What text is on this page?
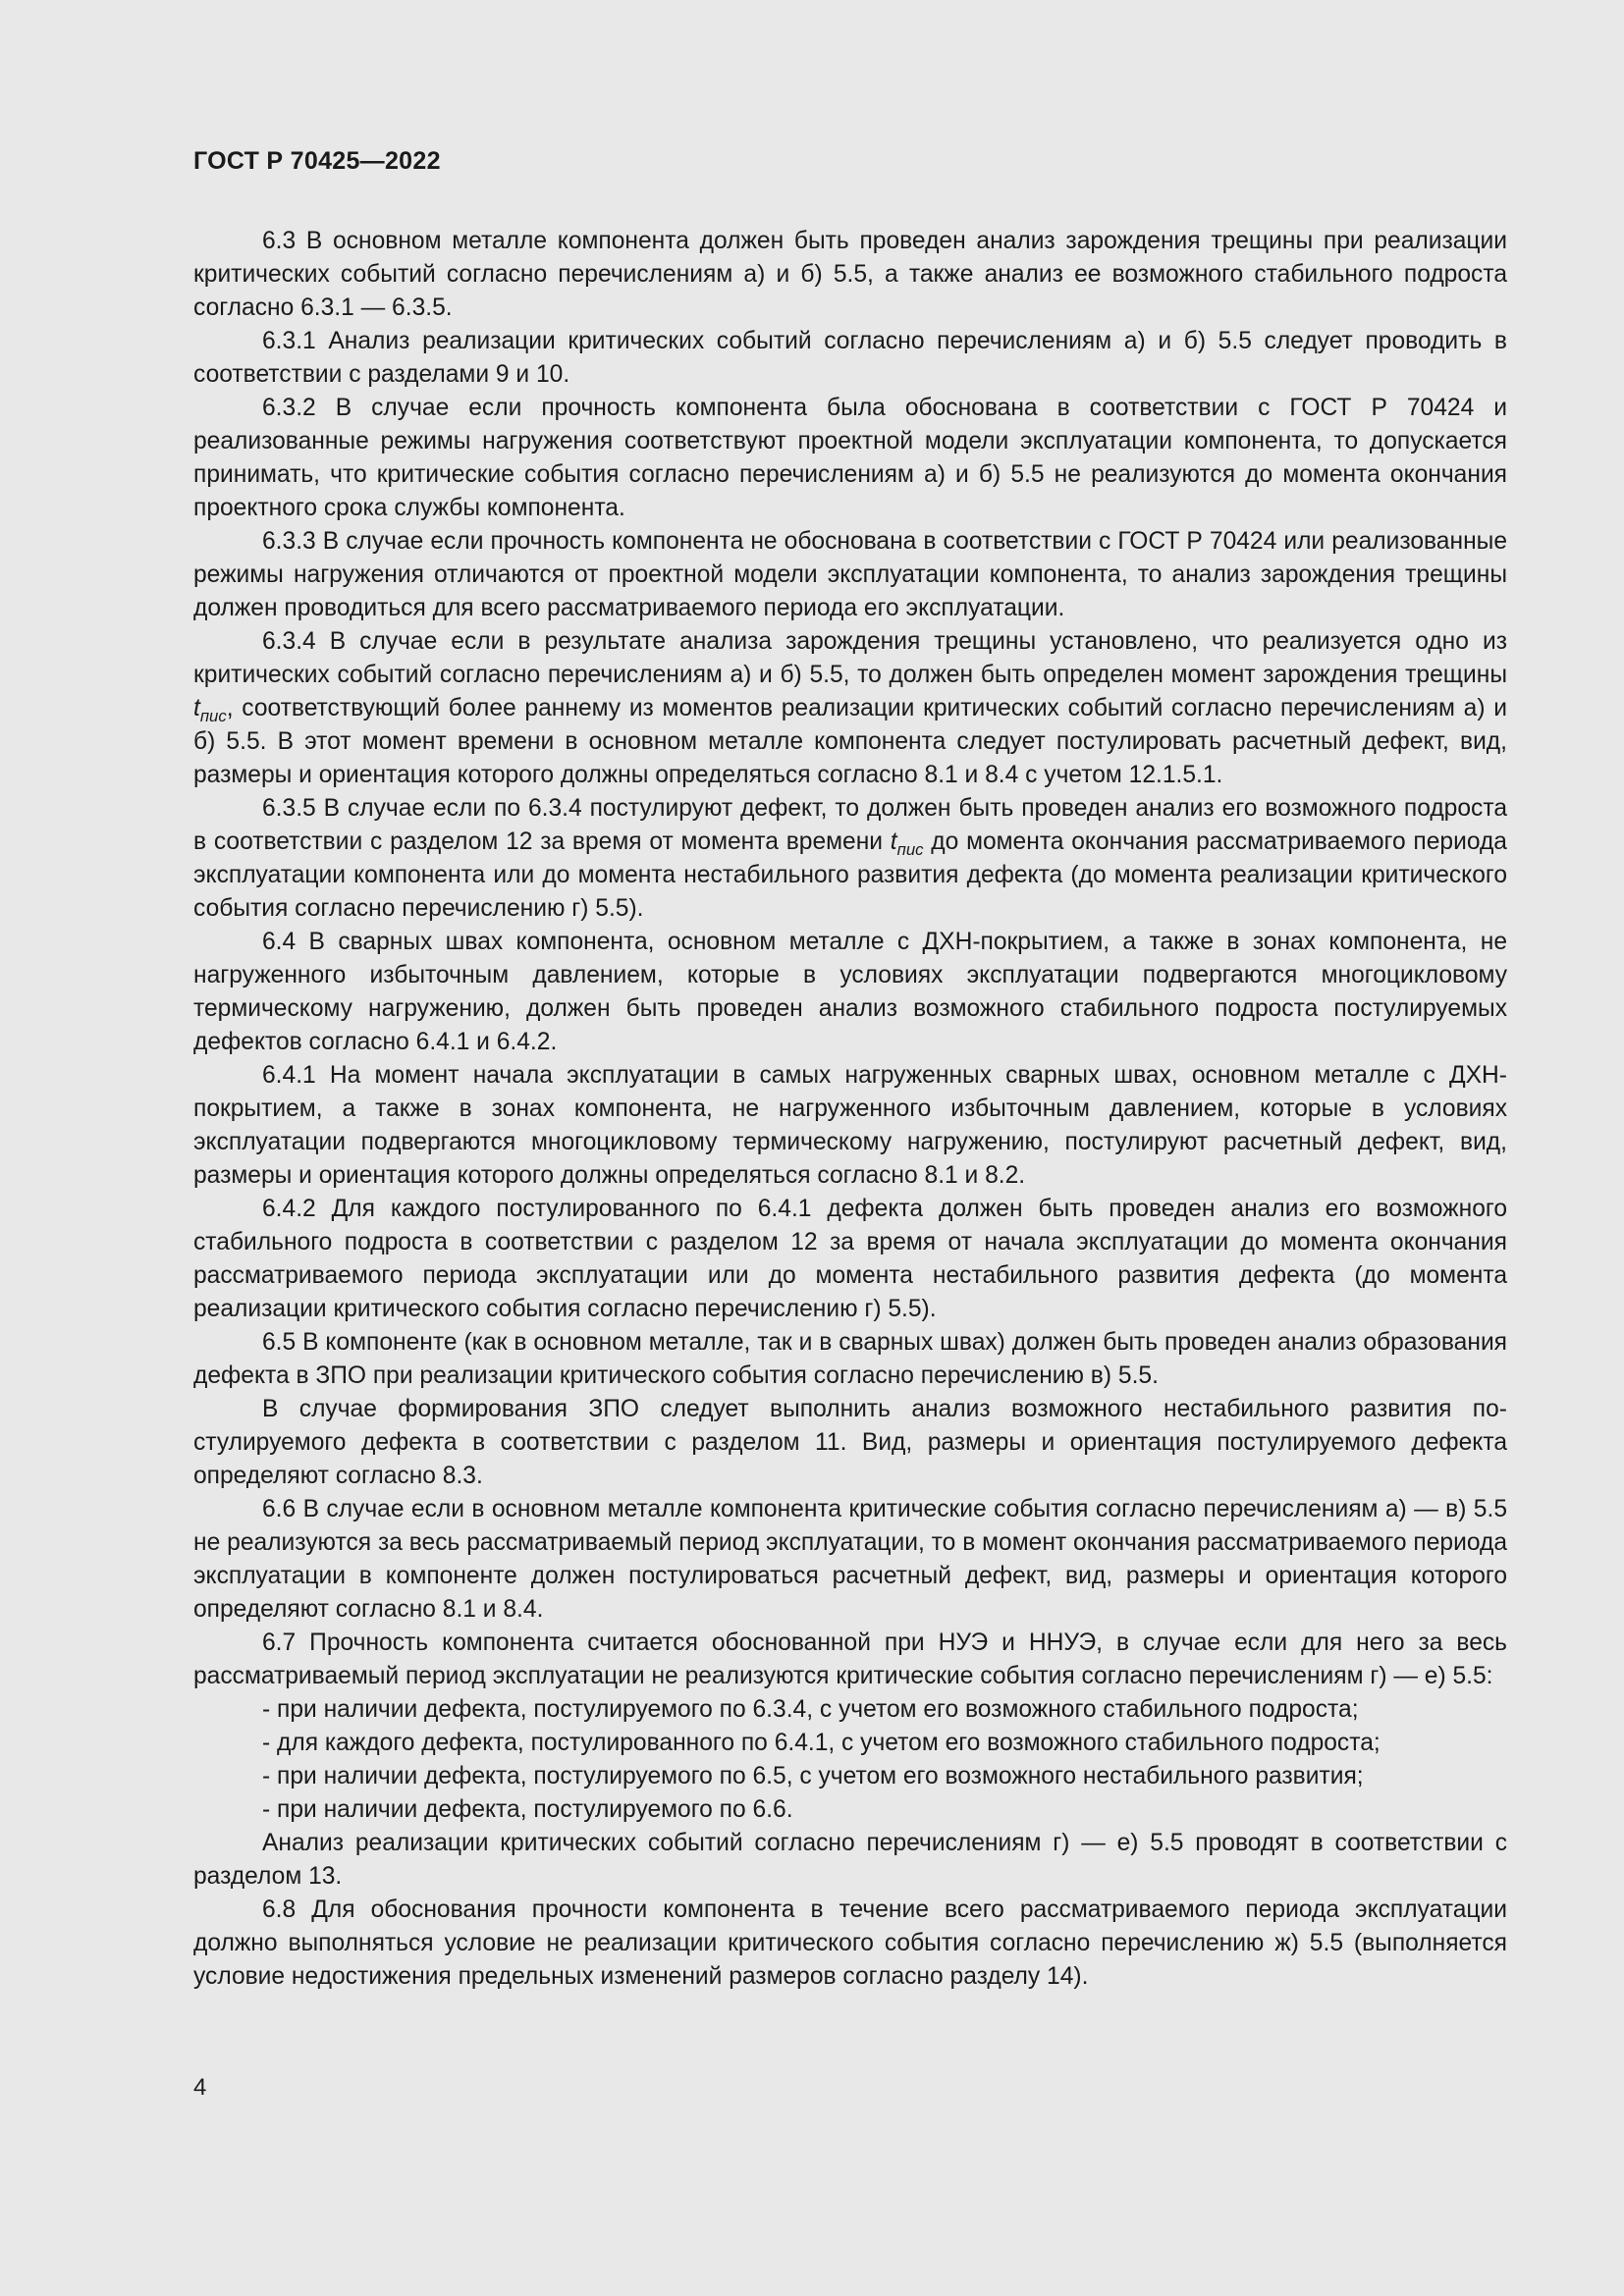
ГОСТ Р 70425—2022

6.3 В основном металле компонента должен быть проведен анализ зарождения трещины при реализации критических событий согласно перечислениям а) и б) 5.5, а также анализ ее возможного стабильного подроста согласно 6.3.1 — 6.3.5.

6.3.1 Анализ реализации критических событий согласно перечислениям а) и б) 5.5 следует проводить в соответствии с разделами 9 и 10.

6.3.2 В случае если прочность компонента была обоснована в соответствии с ГОСТ Р 70424 и реализованные режимы нагружения соответствуют проектной модели эксплуатации компонента, то допускается принимать, что критические события согласно перечислениям а) и б) 5.5 не реализуются до момента окончания проектного срока службы компонента.

6.3.3 В случае если прочность компонента не обоснована в соответствии с ГОСТ Р 70424 или реализованные режимы нагружения отличаются от проектной модели эксплуатации компонента, то анализ зарождения трещины должен проводиться для всего рассматриваемого периода его эксплуатации.

6.3.4 В случае если в результате анализа зарождения трещины установлено, что реализуется одно из критических событий согласно перечислениям а) и б) 5.5, то должен быть определен момент зарождения трещины $t_{пис}$, соответствующий более раннему из моментов реализации критических событий согласно перечислениям а) и б) 5.5. В этот момент времени в основном металле компонента следует постулировать расчетный дефект, вид, размеры и ориентация которого должны определяться согласно 8.1 и 8.4 с учетом 12.1.5.1.

6.3.5 В случае если по 6.3.4 постулируют дефект, то должен быть проведен анализ его возможного подроста в соответствии с разделом 12 за время от момента времени $t_{пис}$ до момента окончания рассматриваемого периода эксплуатации компонента или до момента нестабильного развития дефекта (до момента реализации критического события согласно перечислению г) 5.5).

6.4 В сварных швах компонента, основном металле с ДХН-покрытием, а также в зонах компонента, не нагруженного избыточным давлением, которые в условиях эксплуатации подвергаются многоцикловому термическому нагружению, должен быть проведен анализ возможного стабильного подроста постулируемых дефектов согласно 6.4.1 и 6.4.2.

6.4.1 На момент начала эксплуатации в самых нагруженных сварных швах, основном металле с ДХН-покрытием, а также в зонах компонента, не нагруженного избыточным давлением, которые в условиях эксплуатации подвергаются многоцикловому термическому нагружению, постулируют расчетный дефект, вид, размеры и ориентация которого должны определяться согласно 8.1 и 8.2.

6.4.2 Для каждого постулированного по 6.4.1 дефекта должен быть проведен анализ его возможного стабильного подроста в соответствии с разделом 12 за время от начала эксплуатации до момента окончания рассматриваемого периода эксплуатации или до момента нестабильного развития дефекта (до момента реализации критического события согласно перечислению г) 5.5).

6.5 В компоненте (как в основном металле, так и в сварных швах) должен быть проведен анализ образования дефекта в ЗПО при реализации критического события согласно перечислению в) 5.5.

В случае формирования ЗПО следует выполнить анализ возможного нестабильного развития постулируемого дефекта в соответствии с разделом 11. Вид, размеры и ориентация постулируемого дефекта определяют согласно 8.3.

6.6 В случае если в основном металле компонента критические события согласно перечислениям а) — в) 5.5 не реализуются за весь рассматриваемый период эксплуатации, то в момент окончания рассматриваемого периода эксплуатации в компоненте должен постулироваться расчетный дефект, вид, размеры и ориентация которого определяют согласно 8.1 и 8.4.

6.7 Прочность компонента считается обоснованной при НУЭ и ННУЭ, в случае если для него за весь рассматриваемый период эксплуатации не реализуются критические события согласно перечислениям г) — е) 5.5:

- при наличии дефекта, постулируемого по 6.3.4, с учетом его возможного стабильного подроста;

- для каждого дефекта, постулированного по 6.4.1, с учетом его возможного стабильного подроста;

- при наличии дефекта, постулируемого по 6.5, с учетом его возможного нестабильного развития;

- при наличии дефекта, постулируемого по 6.6.

Анализ реализации критических событий согласно перечислениям г) — е) 5.5 проводят в соответствии с разделом 13.

6.8 Для обоснования прочности компонента в течение всего рассматриваемого периода эксплуатации должно выполняться условие не реализации критического события согласно перечислению ж) 5.5 (выполняется условие недостижения предельных изменений размеров согласно разделу 14).

4
